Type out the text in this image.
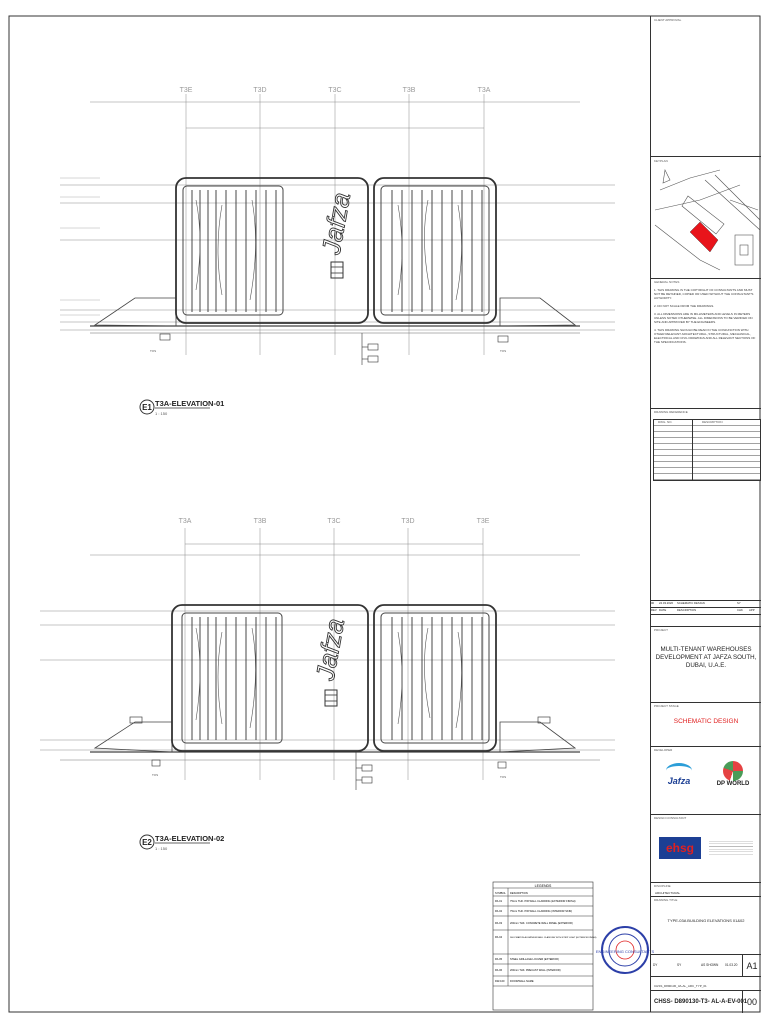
T3E	T3D	T3C	T3B	T3A
Jafza
TOS	TOS
E1 T3A-ELEVATION-01
1 : 150
T3A	T3B	T3C	T3D	T3E
Jafza
TOS	TOS
E2 T3A-ELEVATION-02
1 : 150
LEGENDS
SYMBOL DESCRIPTION
PA-01	75mm THK. PIR WALL CLADDING (EXTERIOR FINISH)
PA-02	75mm THK. PIR WALL CLADDING (INTERIOR SKIN)
PA-03	200mm THK. CONCRETE WALL PANEL (EXTERIOR)
PA-04	DECORATIVE ALUMINIUM WALL CLADDING WITH STRIP LIGHT (EXTERIOR FINISH)
PA-05	STEEL GRILLAGE LOUVER (EXTERIOR)
PA-06	200mm THK. PRECAST WALL (INTERIOR)
DW-100 DOOR/WALL NAME
ENGINEERING CONSULTANTS
CLIENT APPROVAL
KEYPLAN
GENERAL NOTES
1. THIS DRAWING IS THE COPYRIGHT OF CONSULTANTS AND MUST NOT BE RETAINED, COPIED OR USED WITHOUT THE CONSULTANT'S AUTHORITY.
2. DO NOT SCALE FROM THE DRAWINGS.
3. ALL DIMENSIONS ARE IN MILLIMETERS AND LEVELS IN METERS UNLESS NOTED OTHERWISE. ALL DIMENSIONS TO BE VERIFIED ON SITE AND APPROVED BY THE ENGINEERS.
4. THIS DRAWING SHOULD BE READ IN THE CONJUNCTION WITH OTHER RELEVANT ARCHITECTURAL, STRUCTURAL, MECHANICAL, ELECTRICAL AND CIVIL DRAWINGS AND ALL RELEVANT SECTIONS OF THE SPECIFICATIONS.
DRAWING REFERENCE
DWG. NO.	DESCRIPTION
00	24.03.2020	SCHEMATIC DESIGN	SY
REV DATE	DESCRIPTION	CHK	APP
PROJECT
MULTI-TENANT WAREHOUSES DEVELOPMENT AT JAFZA SOUTH, DUBAI, U.A.E.
PROJECT STAGE
SCHEMATIC DESIGN
DEVELOPER
Jafza	DP WORLD
DESIGN CONSULTANT
ehsg
DISCIPLINE
ARCHITECTURAL
DRAWING TITLE
TYPE-03A BUILDING ELEVATIONS 01&02
DY	SY	AS SHOWN	01.03.20	A1
CHSS_D890130_3A-AL_ARC_TYP_01
CHSS- D890130-T3- AL-A-EV-001 00
